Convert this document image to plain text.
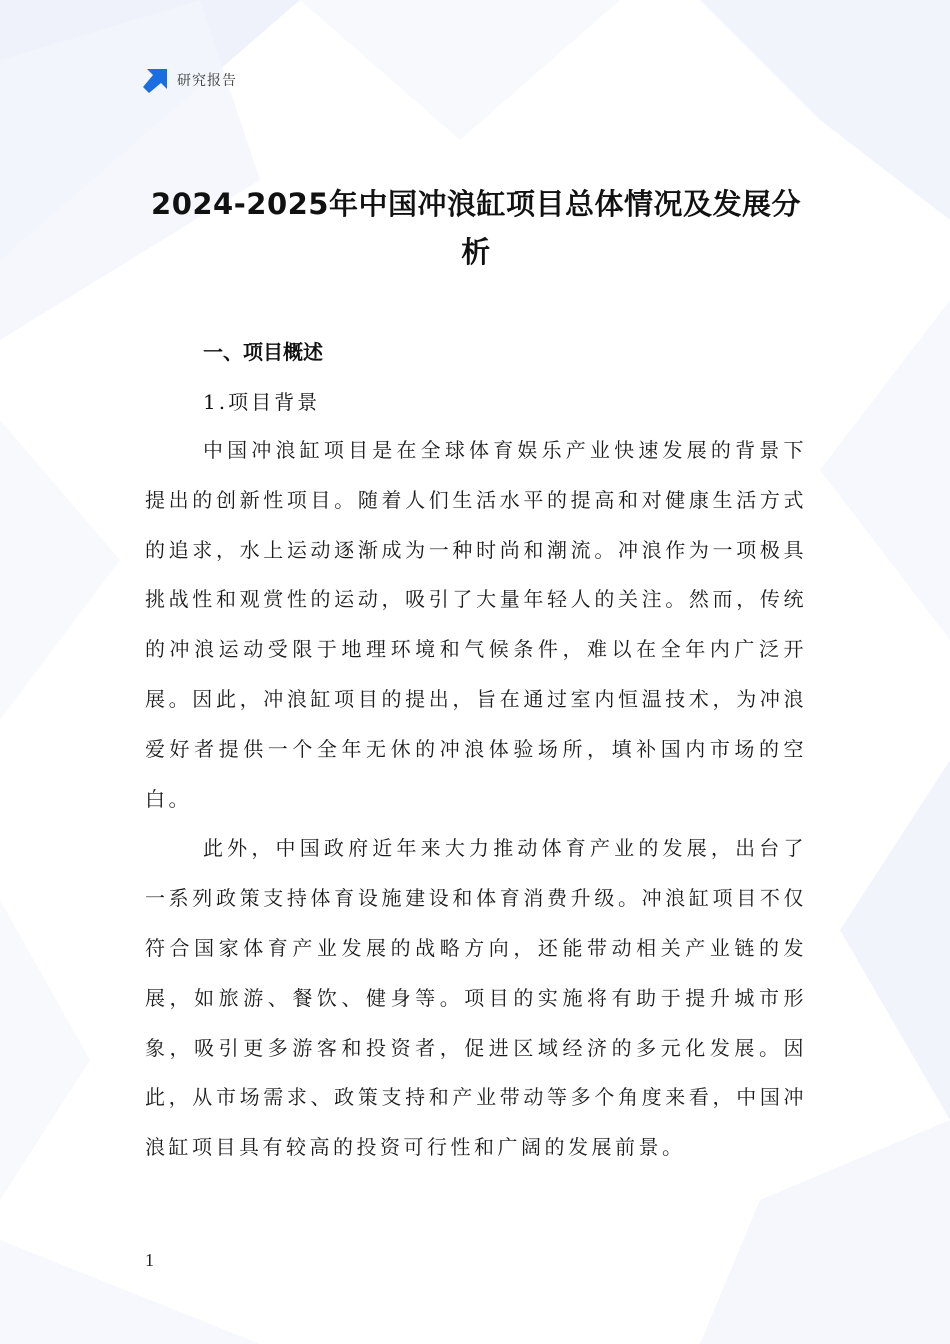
研究报告
2024-2025年中国冲浪缸项目总体情况及发展分析
一、项目概述
1.项目背景

中国冲浪缸项目是在全球体育娱乐产业快速发展的背景下提出的创新性项目。随着人们生活水平的提高和对健康生活方式的追求，水上运动逐渐成为一种时尚和潮流。冲浪作为一项极具挑战性和观赏性的运动，吸引了大量年轻人的关注。然而，传统的冲浪运动受限于地理环境和气候条件，难以在全年内广泛开展。因此，冲浪缸项目的提出，旨在通过室内恒温技术，为冲浪爱好者提供一个全年无休的冲浪体验场所，填补国内市场的空白。

此外，中国政府近年来大力推动体育产业的发展，出台了一系列政策支持体育设施建设和体育消费升级。冲浪缸项目不仅符合国家体育产业发展的战略方向，还能带动相关产业链的发展，如旅游、餐饮、健身等。项目的实施将有助于提升城市形象，吸引更多游客和投资者，促进区域经济的多元化发展。因此，从市场需求、政策支持和产业带动等多个角度来看，中国冲浪缸项目具有较高的投资可行性和广阔的发展前景。

1
